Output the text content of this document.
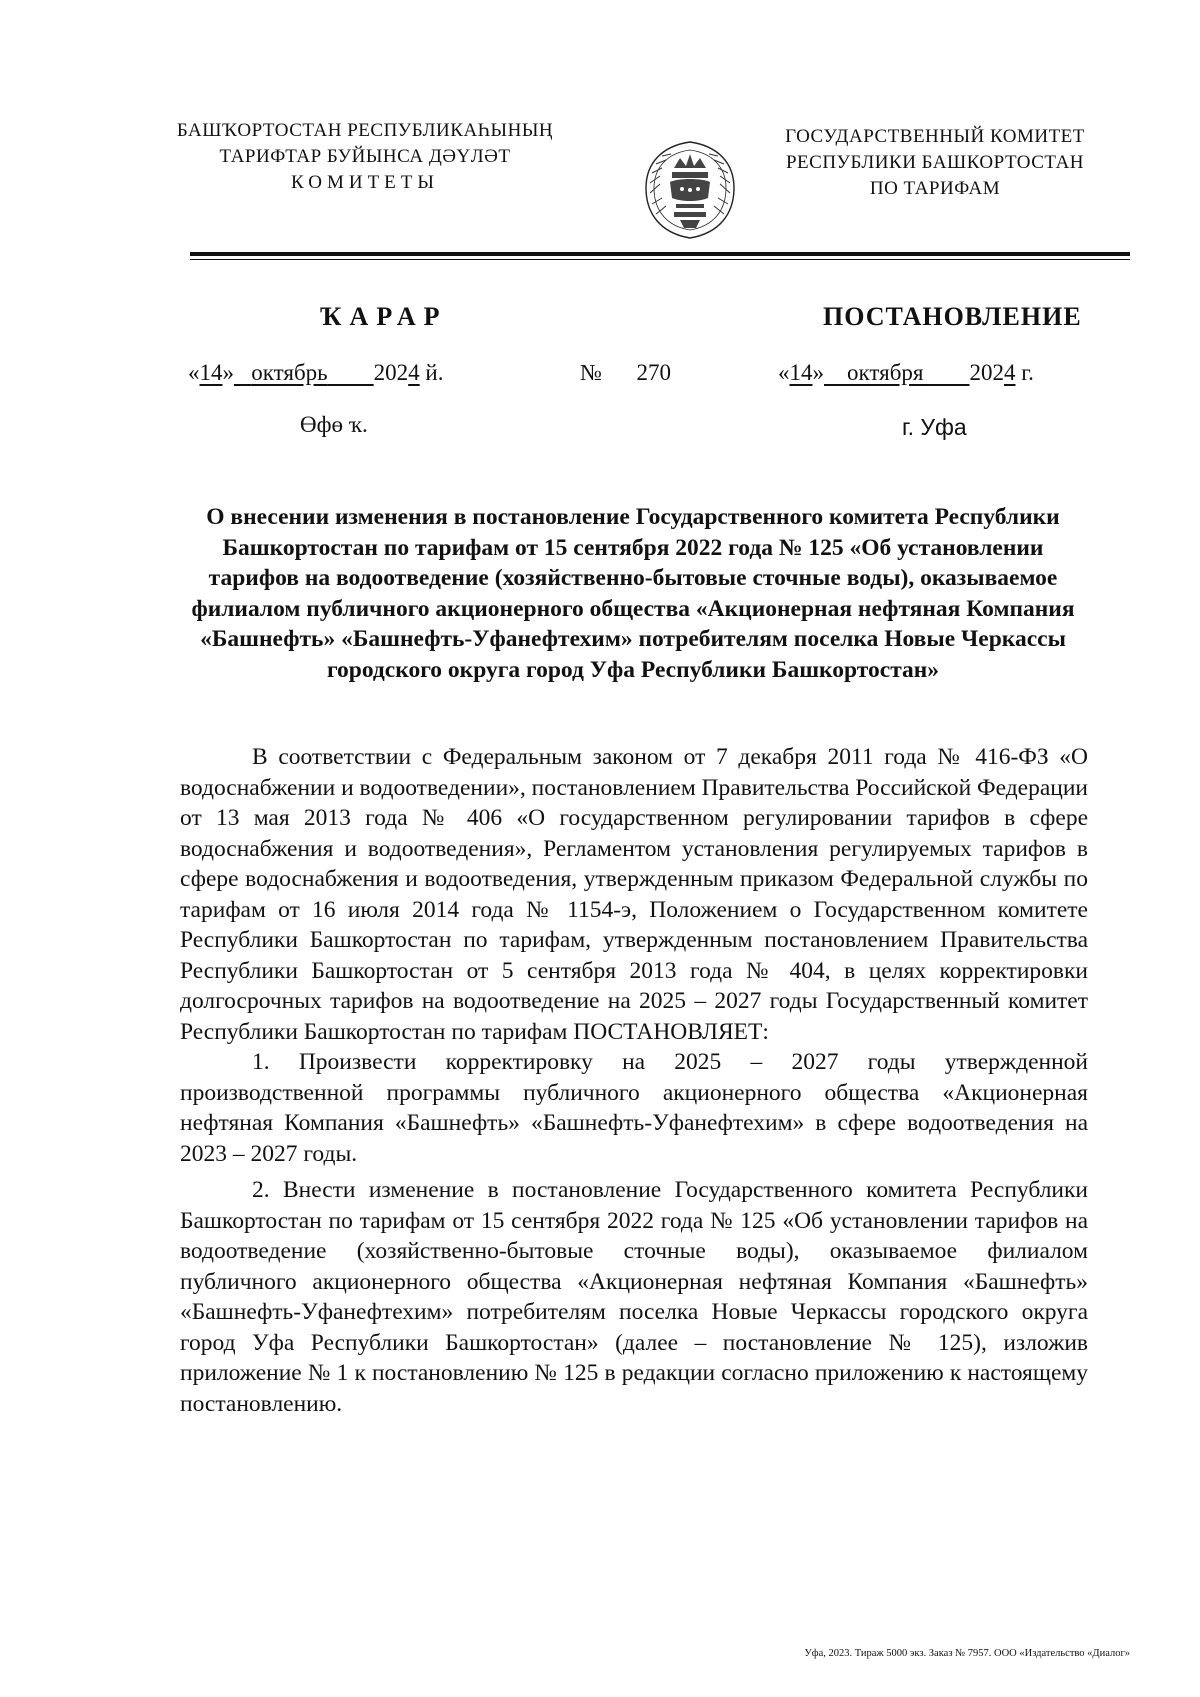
БАШҠОРТОСТАН РЕСПУБЛИКАҺЫНЫҢ
ТАРИФТАР БУЙЫНСА ДӘҮЛӘТ
КОМИТЕТЫ
ГОСУДАРСТВЕННЫЙ КОМИТЕТ
РЕСПУБЛИКИ БАШКОРТОСТАН
ПО ТАРИФАМ
ҠАРАР	ПОСТАНОВЛЕНИЕ
«14» октябрь 2024 й.	№ 270	«14» октября 2024 г.
Өфө ҡ.	г. Уфа
О внесении изменения в постановление Государственного комитета Республики Башкортостан по тарифам от 15 сентября 2022 года № 125 «Об установлении тарифов на водоотведение (хозяйственно-бытовые сточные воды), оказываемое филиалом публичного акционерного общества «Акционерная нефтяная Компания «Башнефть» «Башнефть-Уфанефтехим» потребителям поселка Новые Черкассы городского округа город Уфа Республики Башкортостан»

В соответствии с Федеральным законом от 7 декабря 2011 года № 416-ФЗ «О водоснабжении и водоотведении», постановлением Правительства Российской Федерации от 13 мая 2013 года № 406 «О государственном регулировании тарифов в сфере водоснабжения и водоотведения», Регламентом установления регулируемых тарифов в сфере водоснабжения и водоотведения, утвержденным приказом Федеральной службы по тарифам от 16 июля 2014 года № 1154-э, Положением о Государственном комитете Республики Башкортостан по тарифам, утвержденным постановлением Правительства Республики Башкортостан от 5 сентября 2013 года № 404, в целях корректировки долгосрочных тарифов на водоотведение на 2025 – 2027 годы Государственный комитет Республики Башкортостан по тарифам ПОСТАНОВЛЯЕТ:

1. Произвести корректировку на 2025 – 2027 годы утвержденной производственной программы публичного акционерного общества «Акционерная нефтяная Компания «Башнефть» «Башнефть-Уфанефтехим» в сфере водоотведения на 2023 – 2027 годы.

2. Внести изменение в постановление Государственного комитета Республики Башкортостан по тарифам от 15 сентября 2022 года № 125 «Об установлении тарифов на водоотведение (хозяйственно-бытовые сточные воды), оказываемое филиалом публичного акционерного общества «Акционерная нефтяная Компания «Башнефть» «Башнефть-Уфанефтехим» потребителям поселка Новые Черкассы городского округа город Уфа Республики Башкортостан» (далее – постановление № 125), изложив приложение № 1 к постановлению № 125 в редакции согласно приложению к настоящему постановлению.

Уфа, 2023. Тираж 5000 экз. Заказ № 7957. ООО «Издательство «Диалог»
